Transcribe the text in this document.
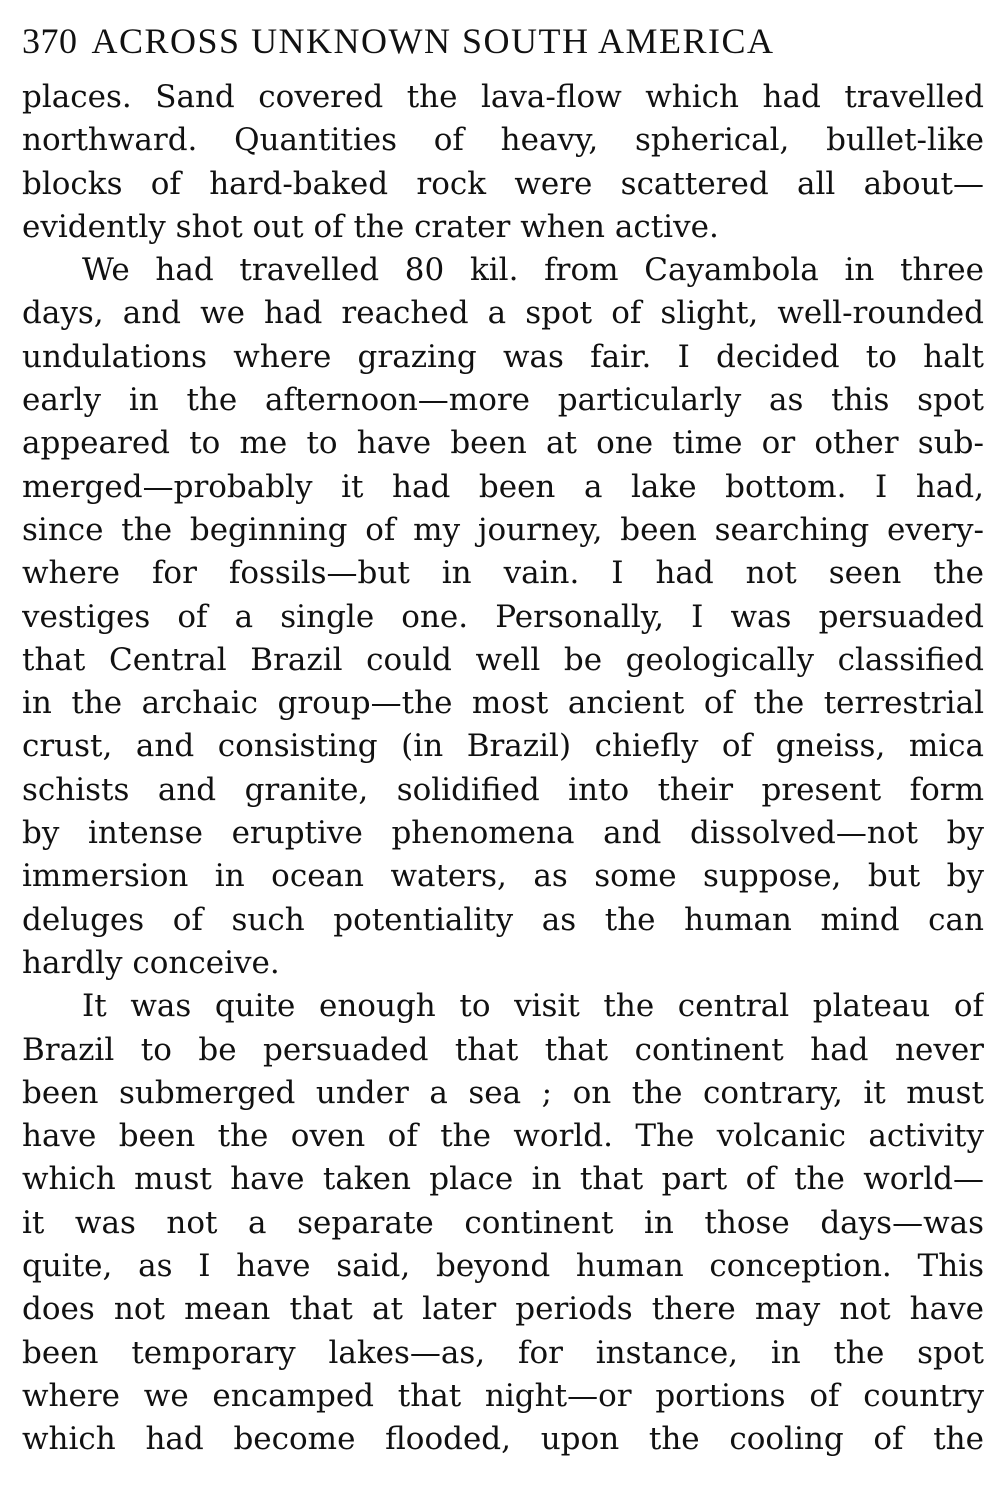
370 ACROSS UNKNOWN SOUTH AMERICA
places. Sand covered the lava-flow which had travelled
northward. Quantities of heavy, spherical, bullet-like
blocks of hard-baked rock were scattered all about—
evidently shot out of the crater when active.
We had travelled 80 kil. from Cayambola in three
days, and we had reached a spot of slight, well-rounded
undulations where grazing was fair. I decided to halt
early in the afternoon—more particularly as this spot
appeared to me to have been at one time or other sub-
merged—probably it had been a lake bottom. I had,
since the beginning of my journey, been searching every-
where for fossils—but in vain. I had not seen the
vestiges of a single one. Personally, I was persuaded
that Central Brazil could well be geologically classified
in the archaic group—the most ancient of the terrestrial
crust, and consisting (in Brazil) chiefly of gneiss, mica
schists and granite, solidified into their present form
by intense eruptive phenomena and dissolved—not by
immersion in ocean waters, as some suppose, but by
deluges of such potentiality as the human mind can
hardly conceive.
It was quite enough to visit the central plateau of
Brazil to be persuaded that that continent had never
been submerged under a sea ; on the contrary, it must
have been the oven of the world. The volcanic activity
which must have taken place in that part of the world—
it was not a separate continent in those days—was
quite, as I have said, beyond human conception. This
does not mean that at later periods there may not have
been temporary lakes—as, for instance, in the spot
where we encamped that night—or portions of country
which had become flooded, upon the cooling of the
